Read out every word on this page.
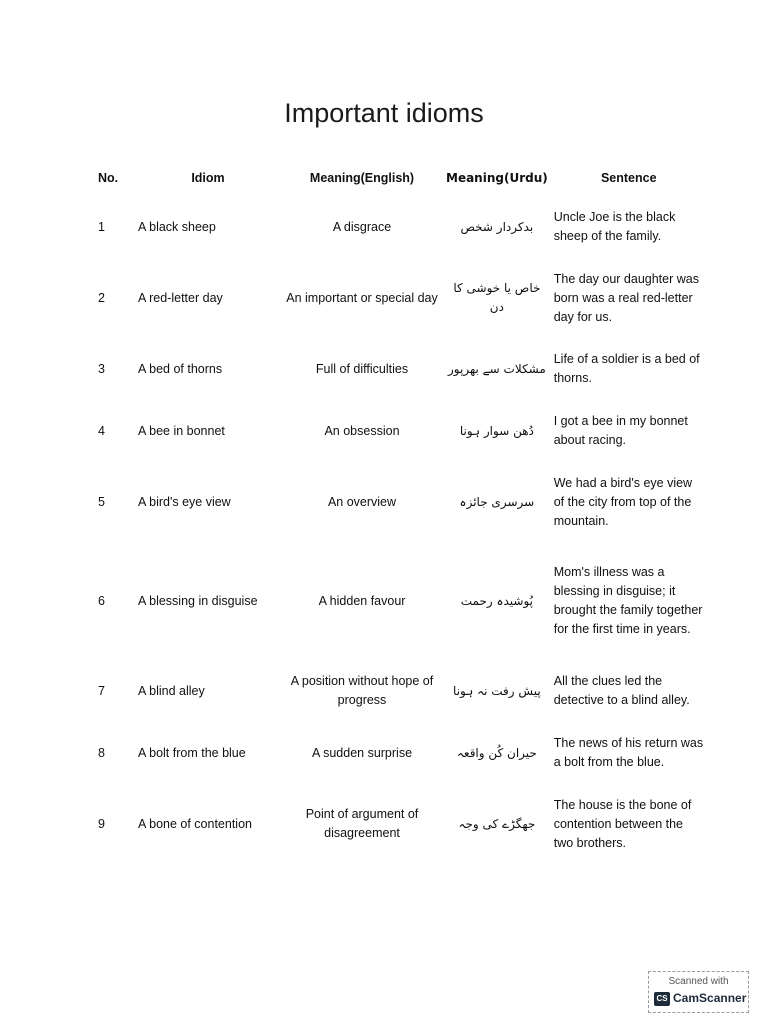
Important idioms
No.	Idiom	Meaning(English)	Meaning(Urdu)	Sentence
1	A black sheep	A disgrace	بدکردار شخص	Uncle Joe is the black sheep of the family.
2	A red-letter day	An important or special day	خاص یا خوشی کا دن	The day our daughter was born was a real red-letter day for us.
3	A bed of thorns	Full of difficulties	مشکلات سے بھرپور	Life of a soldier is a bed of thorns.
4	A bee in bonnet	An obsession	دُھن سوار ہونا	I got a bee in my bonnet about racing.
5	A bird's eye view	An overview	سرسری جائزہ	We had a bird's eye view of the city from top of the mountain.
6	A blessing in disguise	A hidden favour	پُوشیدہ رحمت	Mom's illness was a blessing in disguise; it brought the family together for the first time in years.
7	A blind alley	A position without hope of progress	پیش رفت نہ ہونا	All the clues led the detective to a blind alley.
8	A bolt from the blue	A sudden surprise	حیران کُن واقعہ	The news of his return was a bolt from the blue.
9	A bone of contention	Point of argument of disagreement	جھگڑے کی وجہ	The house is the bone of contention between the two brothers.
Scanned with
CS CamScanner
